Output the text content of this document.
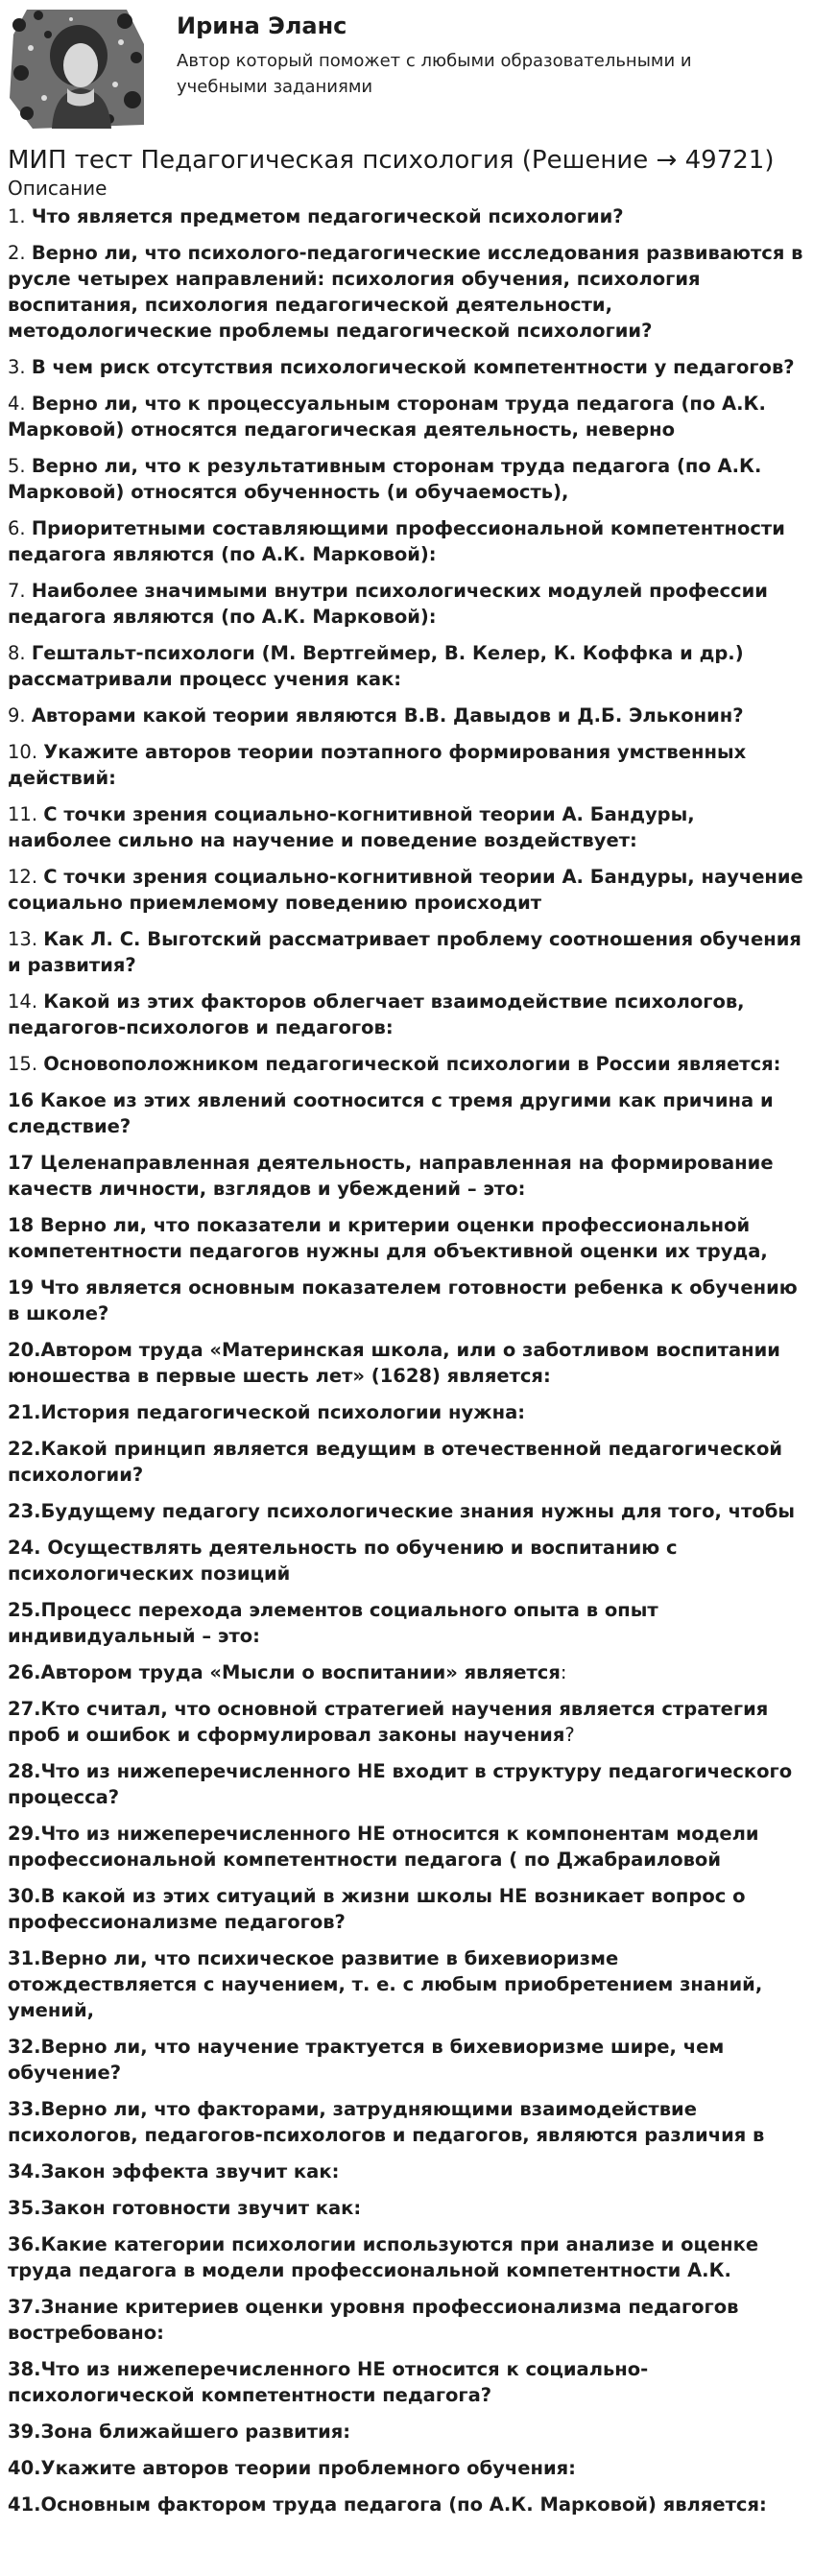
Ирина Эланс
Автор который поможет с любыми образовательными и учебными заданиями
МИП тест Педагогическая психология (Решение → 49721)
Описание
1. Что является предметом педагогической психологии?
2. Верно ли, что психолого-педагогические исследования развиваются в русле четырех направлений: психология обучения, психология воспитания, психология педагогической деятельности, методологические проблемы педагогической психологии?
3. В чем риск отсутствия психологической компетентности у педагогов?
4. Верно ли, что к процессуальным сторонам труда педагога (по А.К. Марковой) относятся педагогическая деятельность, неверно
5. Верно ли, что к результативным сторонам труда педагога (по А.К. Марковой) относятся обученность (и обучаемость),
6. Приоритетными составляющими профессиональной компетентности педагога являются (по А.К. Марковой):
7. Наиболее значимыми внутри психологических модулей профессии педагога являются (по А.К. Марковой):
8. Гештальт-психологи (М. Вертгеймер, В. Келер, К. Коффка и др.) рассматривали процесс учения как:
9. Авторами какой теории являются В.В. Давыдов и Д.Б. Эльконин?
10. Укажите авторов теории поэтапного формирования умственных действий:
11. С точки зрения социально-когнитивной теории А. Бандуры, наиболее сильно на научение и поведение воздействует:
12. С точки зрения социально-когнитивной теории А. Бандуры, научение социально приемлемому поведению происходит
13. Как Л. С. Выготский рассматривает проблему соотношения обучения и развития?
14. Какой из этих факторов облегчает взаимодействие психологов, педагогов-психологов и педагогов:
15. Основоположником педагогической психологии в России является:
16 Какое из этих явлений соотносится с тремя другими как причина и следствие?
17 Целенаправленная деятельность, направленная на формирование качеств личности, взглядов и убеждений – это:
18 Верно ли, что показатели и критерии оценки профессиональной компетентности педагогов нужны для объективной оценки их труда,
19 Что является основным показателем готовности ребенка к обучению в школе?
20.Автором труда «Материнская школа, или о заботливом воспитании юношества в первые шесть лет» (1628) является:
21.История педагогической психологии нужна:
22.Какой принцип является ведущим в отечественной педагогической психологии?
23.Будущему педагогу психологические знания нужны для того, чтобы
24. Осуществлять деятельность по обучению и воспитанию с психологических позиций
25.Процесс перехода элементов социального опыта в опыт индивидуальный – это:
26.Автором труда «Мысли о воспитании» является:
27.Кто считал, что основной стратегией научения является стратегия проб и ошибок и сформулировал законы научения?
28.Что из нижеперечисленного НЕ входит в структуру педагогического процесса?
29.Что из нижеперечисленного НЕ относится к компонентам модели профессиональной компетентности педагога ( по Джабраиловой
30.В какой из этих ситуаций в жизни школы НЕ возникает вопрос о профессионализме педагогов?
31.Верно ли, что психическое развитие в бихевиоризме отождествляется с научением, т. е. с любым приобретением знаний, умений,
32.Верно ли, что научение трактуется в бихевиоризме шире, чем обучение?
33.Верно ли, что факторами, затрудняющими взаимодействие психологов, педагогов-психологов и педагогов, являются различия в
34.Закон эффекта звучит как:
35.Закон готовности звучит как:
36.Какие категории психологии используются при анализе и оценке труда педагога в модели профессиональной компетентности А.К.
37.Знание критериев оценки уровня профессионализма педагогов востребовано:
38.Что из нижеперечисленного НЕ относится к социально-психологической компетентности педагога?
39.Зона ближайшего развития:
40.Укажите авторов теории проблемного обучения:
41.Основным фактором труда педагога (по А.К. Марковой) является:
